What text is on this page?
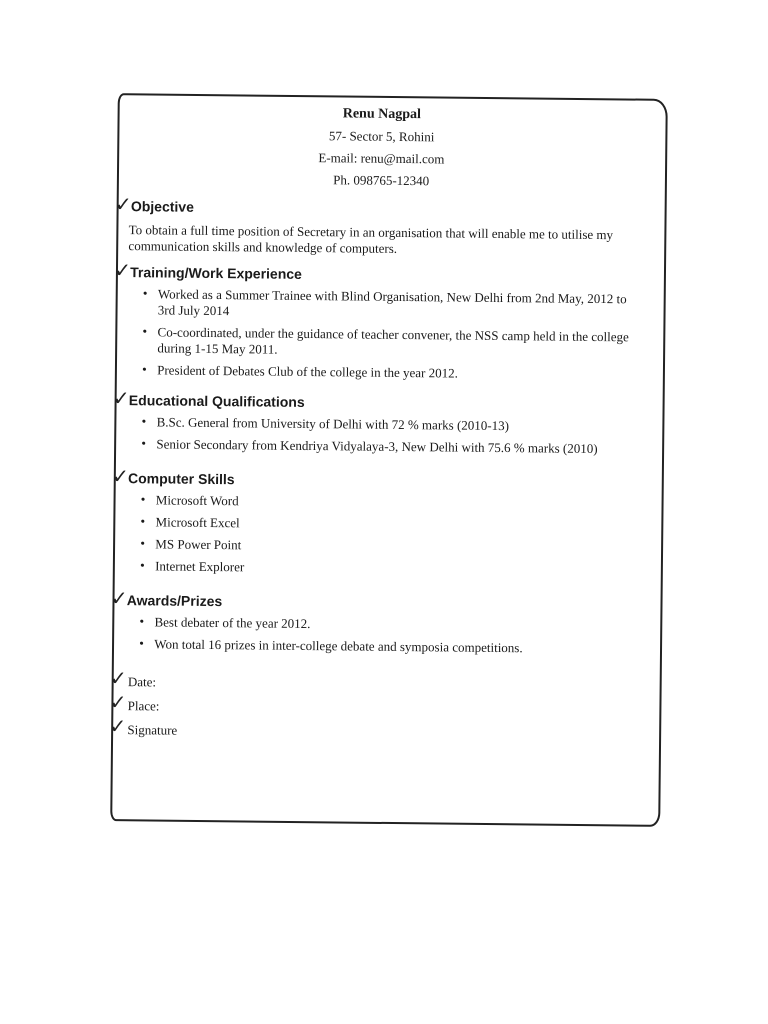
Renu Nagpal
57- Sector 5, Rohini
E-mail: renu@mail.com
Ph. 098765-12340
✓ Objective

To obtain a full time position of Secretary in an organisation that will enable me to utilise my communication skills and knowledge of computers.

✓ Training/Work Experience
• Worked as a Summer Trainee with Blind Organisation, New Delhi from 2nd May, 2012 to 3rd July 2014
• Co-coordinated, under the guidance of teacher convener, the NSS camp held in the college during 1-15 May 2011.
• President of Debates Club of the college in the year 2012.
✓ Educational Qualifications
• B.Sc. General from University of Delhi with 72 % marks (2010-13)
• Senior Secondary from Kendriya Vidyalaya-3, New Delhi with 75.6 % marks (2010)
✓ Computer Skills
• Microsoft Word
• Microsoft Excel
• MS Power Point
• Internet Explorer
✓ Awards/Prizes
• Best debater of the year 2012.
• Won total 16 prizes in inter-college debate and symposia competitions.
✓ Date:
✓ Place:
✓ Signature
